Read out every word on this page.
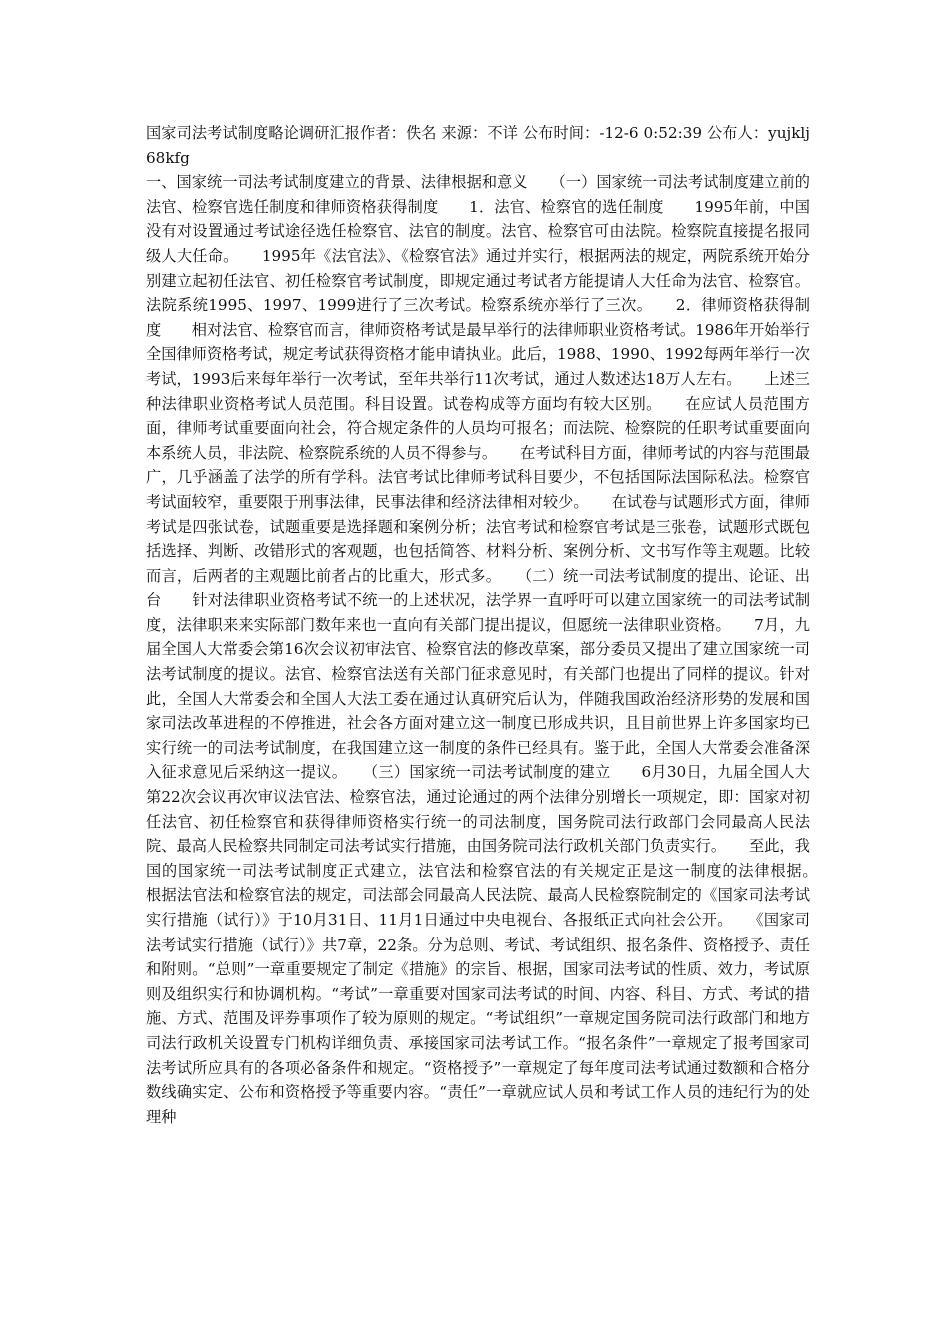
国家司法考试制度略论调研汇报作者：佚名 来源：不详 公布时间：-12-6 0:52:39 公布人：yujklj68kfg

一、国家统一司法考试制度建立的背景、法律根据和意义　　（一）国家统一司法考试制度建立前的法官、检察官选任制度和律师资格获得制度　　1．法官、检察官的选任制度　　1995年前，中国没有对设置通过考试途径选任检察官、法官的制度。法官、检察官可由法院。检察院直接提名报同级人大任命。　　1995年《法官法》、《检察官法》通过并实行，根据两法的规定，两院系统开始分别建立起初任法官、初任检察官考试制度，即规定通过考试者方能提请人大任命为法官、检察官。法院系统1995、1997、1999进行了三次考试。检察系统亦举行了三次。　　2．律师资格获得制度　　相对法官、检察官而言，律师资格考试是最早举行的法律师职业资格考试。1986年开始举行全国律师资格考试，规定考试获得资格才能申请执业。此后，1988、1990、1992每两年举行一次考试，1993后来每年举行一次考试，至年共举行11次考试，通过人数述达18万人左右。　　上述三种法律职业资格考试人员范围。科目设置。试卷构成等方面均有较大区别。　　在应试人员范围方面，律师考试重要面向社会，符合规定条件的人员均可报名；而法院、检察院的任职考试重要面向本系统人员，非法院、检察院系统的人员不得参与。　　在考试科目方面，律师考试的内容与范围最广，几乎涵盖了法学的所有学科。法官考试比律师考试科目要少，不包括国际法国际私法。检察官考试面较窄，重要限于刑事法律，民事法律和经济法律相对较少。　　在试卷与试题形式方面，律师考试是四张试卷，试题重要是选择题和案例分析；法官考试和检察官考试是三张卷，试题形式既包括选择、判断、改错形式的客观题，也包括简答、材料分析、案例分析、文书写作等主观题。比较而言，后两者的主观题比前者占的比重大，形式多。　　（二）统一司法考试制度的提出、论证、出台　　针对法律职业资格考试不统一的上述状况，法学界一直呼吁可以建立国家统一的司法考试制度，法律职来来实际部门数年来也一直向有关部门提出提议，但愿统一法律职业资格。　　7月，九届全国人大常委会第16次会议初审法官、检察官法的修改草案，部分委员又提出了建立国家统一司法考试制度的提议。法官、检察官法送有关部门征求意见时，有关部门也提出了同样的提议。针对此，全国人大常委会和全国人大法工委在通过认真研究后认为，伴随我国政治经济形势的发展和国家司法改革进程的不停推进，社会各方面对建立这一制度已形成共识，且目前世界上许多国家均已实行统一的司法考试制度，在我国建立这一制度的条件已经具有。鉴于此，全国人大常委会准备深入征求意见后采纳这一提议。　　（三）国家统一司法考试制度的建立　　6月30日，九届全国人大第22次会议再次审议法官法、检察官法，通过论通过的两个法律分别增长一项规定，即：国家对初任法官、初任检察官和获得律师资格实行统一的司法制度，国务院司法行政部门会同最高人民法院、最高人民检察共同制定司法考试实行措施，由国务院司法行政机关部门负责实行。　　至此，我国的国家统一司法考试制度正式建立，法官法和检察官法的有关规定正是这一制度的法律根据。　　根据法官法和检察官法的规定，司法部会同最高人民法院、最高人民检察院制定的《国家司法考试实行措施（试行）》于10月31日、11月1日通过中央电视台、各报纸正式向社会公开。　　《国家司法考试实行措施（试行）》共7章，22条。分为总则、考试、考试组织、报名条件、资格授予、责任和附则。“总则”一章重要规定了制定《措施》的宗旨、根据，国家司法考试的性质、效力，考试原则及组织实行和协调机构。“考试”一章重要对国家司法考试的时间、内容、科目、方式、考试的措施、方式、范围及评券事项作了较为原则的规定。“考试组织”一章规定国务院司法行政部门和地方司法行政机关设置专门机构详细负责、承接国家司法考试工作。“报名条件”一章规定了报考国家司法考试所应具有的各项必备条件和规定。“资格授予”一章规定了每年度司法考试通过数额和合格分数线确实定、公布和资格授予等重要内容。“责任”一章就应试人员和考试工作人员的违纪行为的处理种
